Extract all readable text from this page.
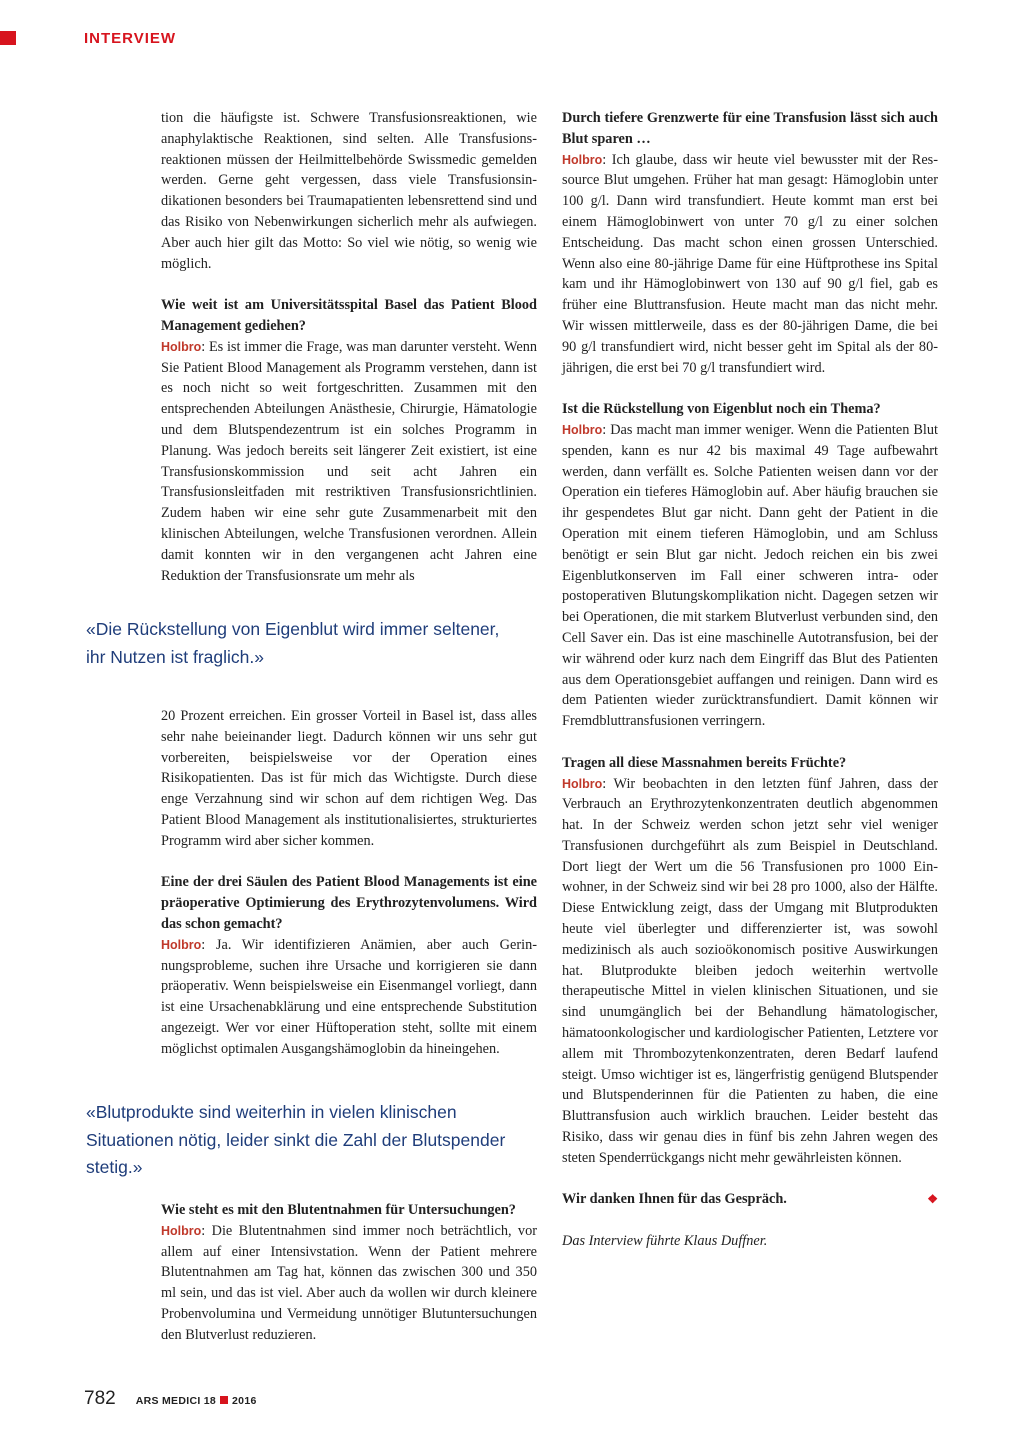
INTERVIEW

tion die häufigste ist. Schwere Transfusionsreaktionen, wie anaphylaktische Reaktionen, sind selten. Alle Transfusionsreaktionen müssen der Heilmittelbehörde Swissmedic gemelden werden. Gerne geht vergessen, dass viele Transfusionsindikationen besonders bei Traumapatienten lebensrettend sind und das Risiko von Nebenwirkungen sicherlich mehr als aufwiegen. Aber auch hier gilt das Motto: So viel wie nötig, so wenig wie möglich.

Wie weit ist am Universitätsspital Basel das Patient Blood Management gediehen?

Holbro: Es ist immer die Frage, was man darunter versteht. Wenn Sie Patient Blood Management als Programm verstehen, dann ist es noch nicht so weit fortgeschritten. Zusammen mit den entsprechenden Abteilungen Anästhesie, Chirurgie, Hämatologie und dem Blutspendezentrum ist ein solches Programm in Planung. Was jedoch bereits seit längerer Zeit existiert, ist eine Transfusionskommission und seit acht Jahren ein Transfusionsleitfaden mit restriktiven Transfusionsrichtlinien. Zudem haben wir eine sehr gute Zusammenarbeit mit den klinischen Abteilungen, welche Transfusionen verordnen. Allein damit konnten wir in den vergangenen acht Jahren eine Reduktion der Transfusionsrate um mehr als

«Die Rückstellung von Eigenblut wird immer seltener,
ihr Nutzen ist fraglich.»

20 Prozent erreichen. Ein grosser Vorteil in Basel ist, dass alles sehr nahe beieinander liegt. Dadurch können wir uns sehr gut vorbereiten, beispielsweise vor der Operation eines Risikopatienten. Das ist für mich das Wichtigste. Durch diese enge Verzahnung sind wir schon auf dem richtigen Weg. Das Patient Blood Management als institutionalisiertes, strukturiertes Programm wird aber sicher kommen.

Eine der drei Säulen des Patient Blood Managements ist eine präoperative Optimierung des Erythrozytenvolumens. Wird das schon gemacht?

Holbro: Ja. Wir identifizieren Anämien, aber auch Gerinnungsprobleme, suchen ihre Ursache und korrigieren sie dann präoperativ. Wenn beispielsweise ein Eisenmangel vorliegt, dann ist eine Ursachenabklärung und eine entsprechende Substitution angezeigt. Wer vor einer Hüftoperation steht, sollte mit einem möglichst optimalen Ausgangshämoglobin da hineingehen.

«Blutprodukte sind weiterhin in vielen klinischen
Situationen nötig, leider sinkt die Zahl der Blutspender
stetig.»

Wie steht es mit den Blutentnahmen für Untersuchungen?

Holbro: Die Blutentnahmen sind immer noch beträchtlich, vor allem auf einer Intensivstation. Wenn der Patient mehrere Blutentnahmen am Tag hat, können das zwischen 300 und 350 ml sein, und das ist viel. Aber auch da wollen wir durch kleinere Probenvolumina und Vermeidung unnötiger Blutuntersuchungen den Blutverlust reduzieren.

Durch tiefere Grenzwerte für eine Transfusion lässt sich auch Blut sparen …

Holbro: Ich glaube, dass wir heute viel bewusster mit der Ressource Blut umgehen. Früher hat man gesagt: Hämoglobin unter 100 g/l. Dann wird transfundiert. Heute kommt man erst bei einem Hämoglobinwert von unter 70 g/l zu einer solchen Entscheidung. Das macht schon einen grossen Unterschied. Wenn also eine 80-jährige Dame für eine Hüftprothese ins Spital kam und ihr Hämoglobinwert von 130 auf 90 g/l fiel, gab es früher eine Bluttransfusion. Heute macht man das nicht mehr. Wir wissen mittlerweile, dass es der 80-jährigen Dame, die bei 90 g/l transfundiert wird, nicht besser geht im Spital als der 80-jährigen, die erst bei 70 g/l transfundiert wird.

Ist die Rückstellung von Eigenblut noch ein Thema?

Holbro: Das macht man immer weniger. Wenn die Patienten Blut spenden, kann es nur 42 bis maximal 49 Tage aufbewahrt werden, dann verfällt es. Solche Patienten weisen dann vor der Operation ein tieferes Hämoglobin auf. Aber häufig brauchen sie ihr gespendetes Blut gar nicht. Dann geht der Patient in die Operation mit einem tieferen Hämoglobin, und am Schluss benötigt er sein Blut gar nicht. Jedoch reichen ein bis zwei Eigenblutkonserven im Fall einer schweren intra- oder postoperativen Blutungskomplikation nicht. Dagegen setzen wir bei Operationen, die mit starkem Blutverlust verbunden sind, den Cell Saver ein. Das ist eine maschinelle Autotransfusion, bei der wir während oder kurz nach dem Eingriff das Blut des Patienten aus dem Operationsgebiet auffangen und reinigen. Dann wird es dem Patienten wieder zurücktransfundiert. Damit können wir Fremdbluttransfusionen verringern.

Tragen all diese Massnahmen bereits Früchte?

Holbro: Wir beobachten in den letzten fünf Jahren, dass der Verbrauch an Erythrozytenkonzentraten deutlich abgenommen hat. In der Schweiz werden schon jetzt sehr viel weniger Transfusionen durchgeführt als zum Beispiel in Deutschland. Dort liegt der Wert um die 56 Transfusionen pro 1000 Einwohner, in der Schweiz sind wir bei 28 pro 1000, also der Hälfte. Diese Entwicklung zeigt, dass der Umgang mit Blutprodukten heute viel überlegter und differenzierter ist, was sowohl medizinisch als auch sozioökonomisch positive Auswirkungen hat. Blutprodukte bleiben jedoch weiterhin wertvolle therapeutische Mittel in vielen klinischen Situationen, und sie sind unumgänglich bei der Behandlung hämatologischer, hämatoonkologischer und kardiologischer Patienten, Letztere vor allem mit Thrombozytenkonzentraten, deren Bedarf laufend steigt. Umso wichtiger ist es, längerfristig genügend Blutspender und Blutspenderinnen für die Patienten zu haben, die eine Bluttransfusion auch wirklich brauchen. Leider besteht das Risiko, dass wir genau dies in fünf bis zehn Jahren wegen des steten Spenderrückgangs nicht mehr gewährleisten können.

Wir danken Ihnen für das Gespräch.	❖

Das Interview führte Klaus Duffner.

782 ARS MEDICI 18 2016
